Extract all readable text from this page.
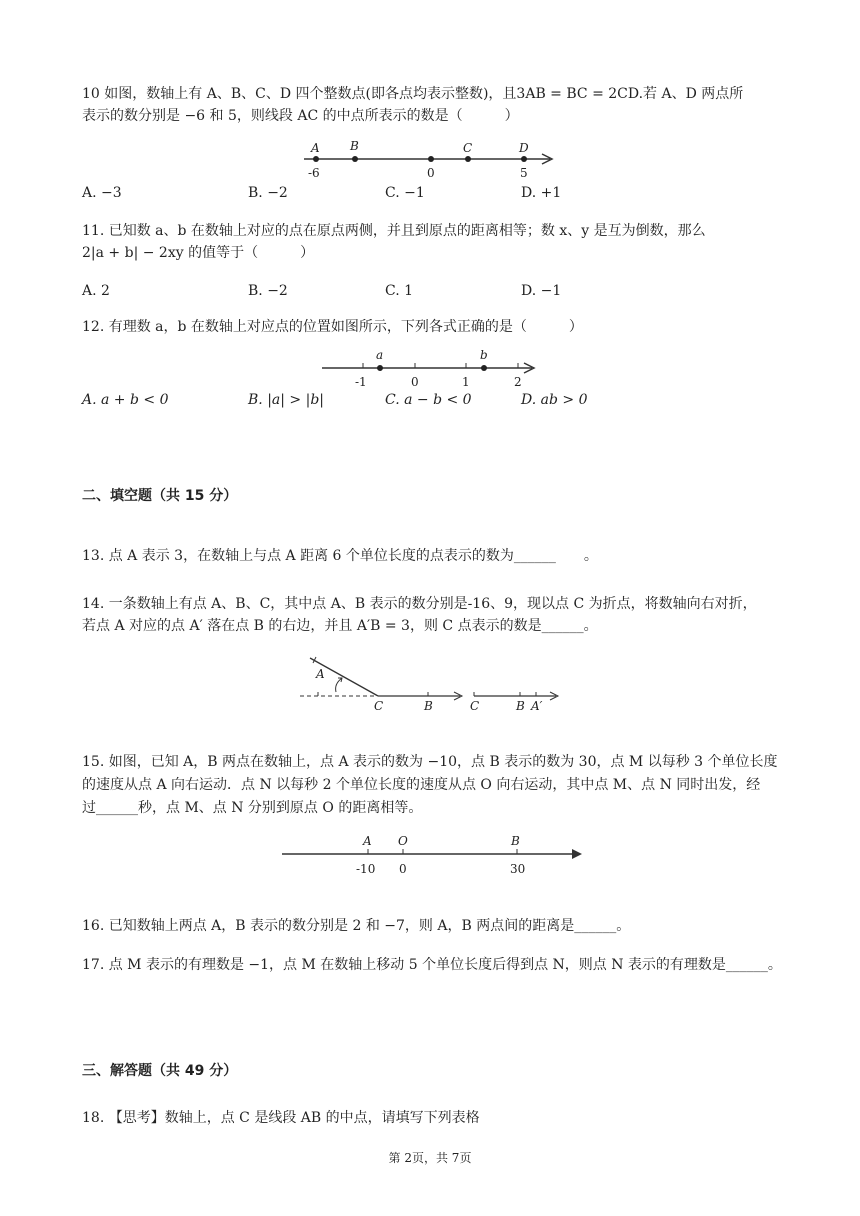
10 如图，数轴上有 A、B、C、D 四个整数点(即各点均表示整数)，且3AB = BC = 2CD.若 A、D 两点所
表示的数分别是 −6 和 5，则线段 AC 的中点所表示的数是（　　　）
A	B	C	D
-6	0	5
A. −3	B. −2	C. −1	D. +1
11. 已知数 a、b 在数轴上对应的点在原点两侧，并且到原点的距离相等；数 x、y 是互为倒数，那么
2|a + b| − 2xy 的值等于（　　　）
A. 2	B. −2	C. 1	D. −1
12. 有理数 a，b 在数轴上对应点的位置如图所示，下列各式正确的是（　　　）
a	b
-1	0	1	2
A. a + b < 0	B. |a| > |b|	C. a − b < 0	D. ab > 0
二、填空题（共 15 分）
13. 点 A 表示 3，在数轴上与点 A 距离 6 个单位长度的点表示的数为______　　。
14. 一条数轴上有点 A、B、C，其中点 A、B 表示的数分别是-16、9，现以点 C 为折点，将数轴向右对折，
若点 A 对应的点 A′ 落在点 B 的右边，并且 A′B = 3，则 C 点表示的数是______。
A
C	B	C	B A′
15. 如图，已知 A，B 两点在数轴上，点 A 表示的数为 −10，点 B 表示的数为 30，点 M 以每秒 3 个单位长度
的速度从点 A 向右运动．点 N 以每秒 2 个单位长度的速度从点 O 向右运动，其中点 M、点 N 同时出发，经
过______秒，点 M、点 N 分别到原点 O 的距离相等。
A O	B
-10 0	30
16. 已知数轴上两点 A，B 表示的数分别是 2 和 −7，则 A，B 两点间的距离是______。
17. 点 M 表示的有理数是 −1，点 M 在数轴上移动 5 个单位长度后得到点 N，则点 N 表示的有理数是______。
三、解答题（共 49 分）
18. 【思考】数轴上，点 C 是线段 AB 的中点，请填写下列表格
第 2页，共 7页
